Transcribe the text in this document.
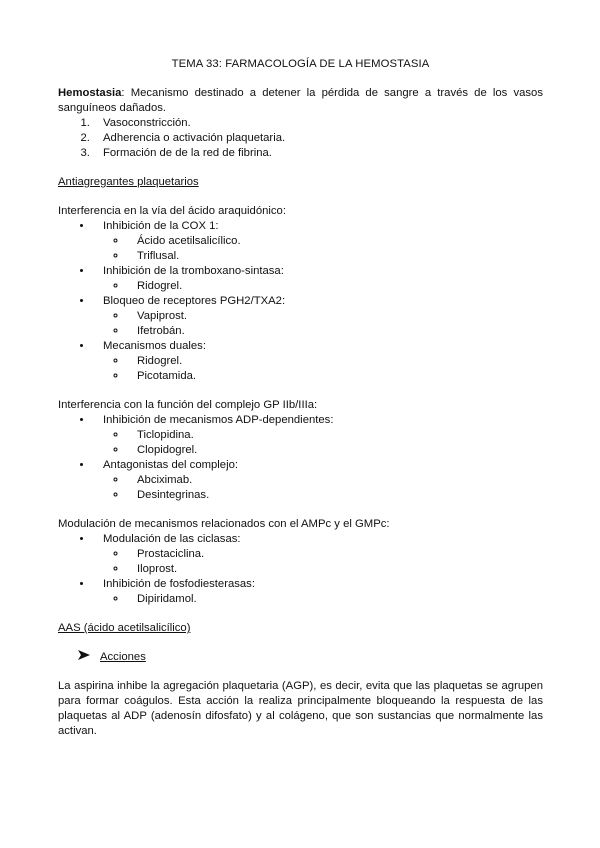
TEMA 33: FARMACOLOGÍA DE LA HEMOSTASIA

Hemostasia: Mecanismo destinado a detener la pérdida de sangre a través de los vasos sanguíneos dañados.

1. Vasoconstricción.
2. Adherencia o activación plaquetaria.
3. Formación de de la red de fibrina.
Antiagregantes plaquetarios
Interferencia en la vía del ácido araquidónico:
• Inhibición de la COX 1:
◦ Ácido acetilsalicílico.
◦ Triflusal.
• Inhibición de la tromboxano-sintasa:
◦ Ridogrel.
• Bloqueo de receptores PGH2/TXA2:
◦ Vapiprost.
◦ Ifetrobán.
• Mecanismos duales:
◦ Ridogrel.
◦ Picotamida.
Interferencia con la función del complejo GP IIb/IIIa:
• Inhibición de mecanismos ADP-dependientes:
◦ Ticlopidina.
◦ Clopidogrel.
• Antagonistas del complejo:
◦ Abciximab.
◦ Desintegrinas.
Modulación de mecanismos relacionados con el AMPc y el GMPc:
• Modulación de las ciclasas:
◦ Prostaciclina.
◦ Iloprost.
• Inhibición de fosfodiesterasas:
◦ Dipiridamol.
AAS (ácido acetilsalicílico)
Acciones

La aspirina inhibe la agregación plaquetaria (AGP), es decir, evita que las plaquetas se agrupen para formar coágulos. Esta acción la realiza principalmente bloqueando la respuesta de las plaquetas al ADP (adenosín difosfato) y al colágeno, que son sustancias que normalmente las activan.
